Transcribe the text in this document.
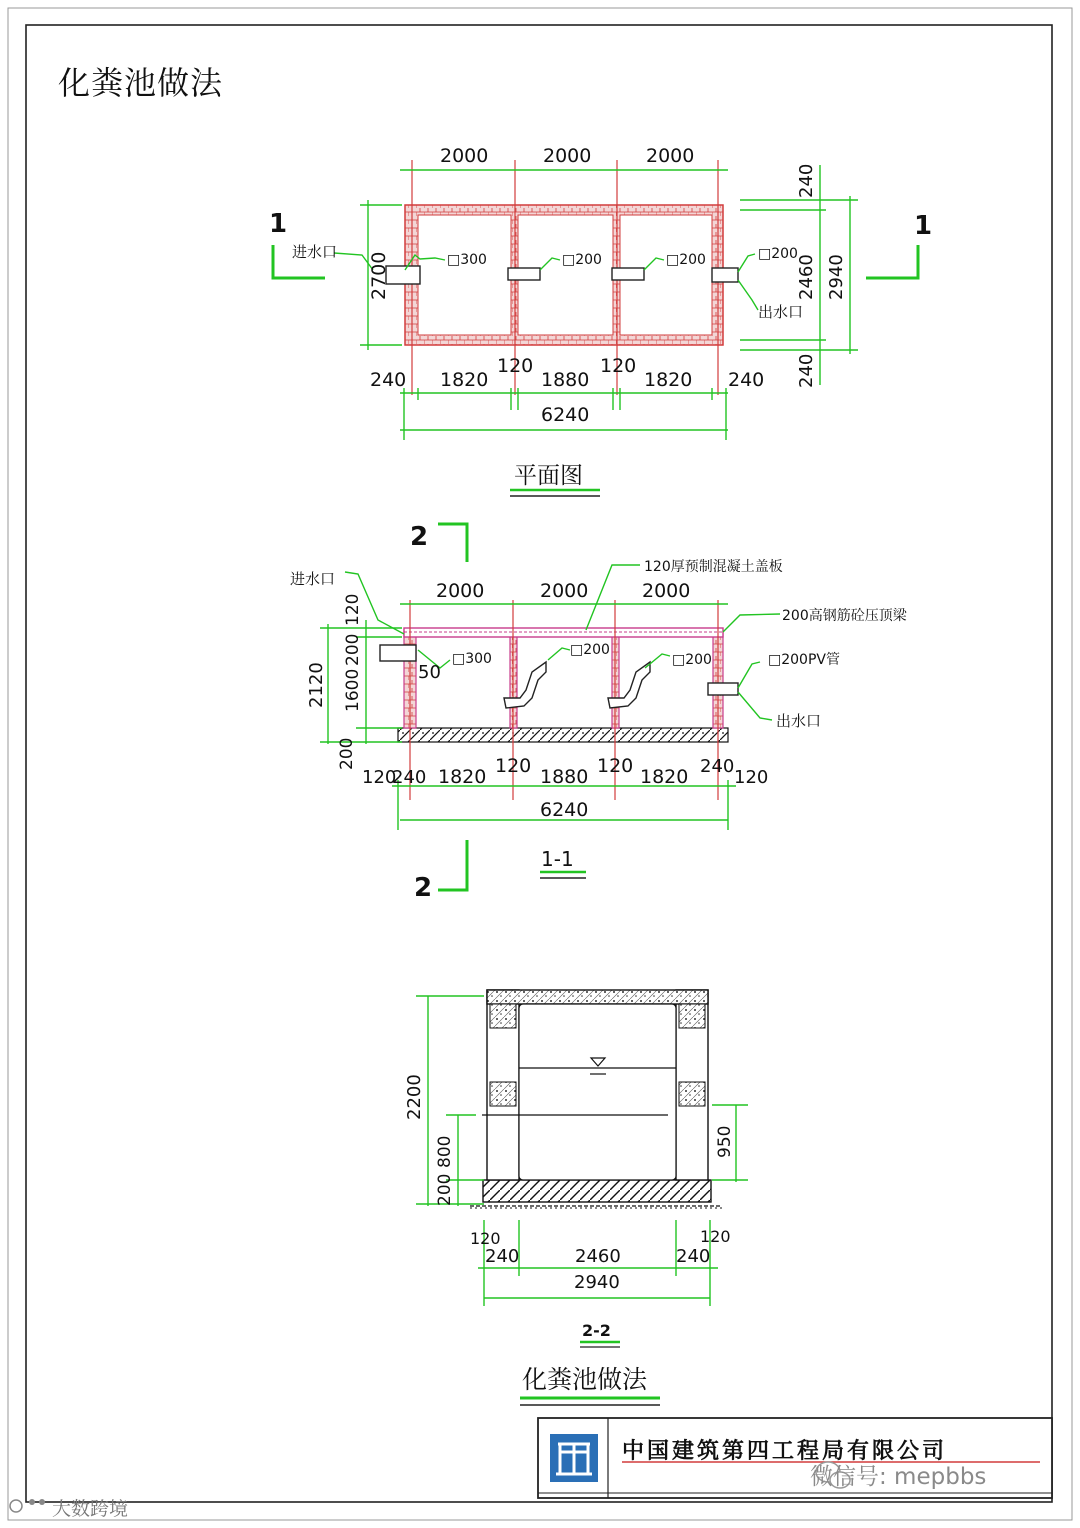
1	1
2000	2000	2000
240 1820
120
1880
120
1820 240
6240
2700
240
2460
240
2940
进水口
出水口
□300	□200	□200	□200
平面图
2
2
2000	2000	2000
120
240 1820 120 1880 120 1820 240
120
6240
120
200
1600
200
2120
进水口
出水口
120厚预制混凝土盖板
200高钢筋砼压顶梁
□300
□200
□200	□200PV管
50
1-1
2200
800
200
950
120
240	2460	240
120
2940
2-2
化粪池做法
化粪池做法
中国建筑第四工程局有限公司
微信号: mepbbs
大数跨境
